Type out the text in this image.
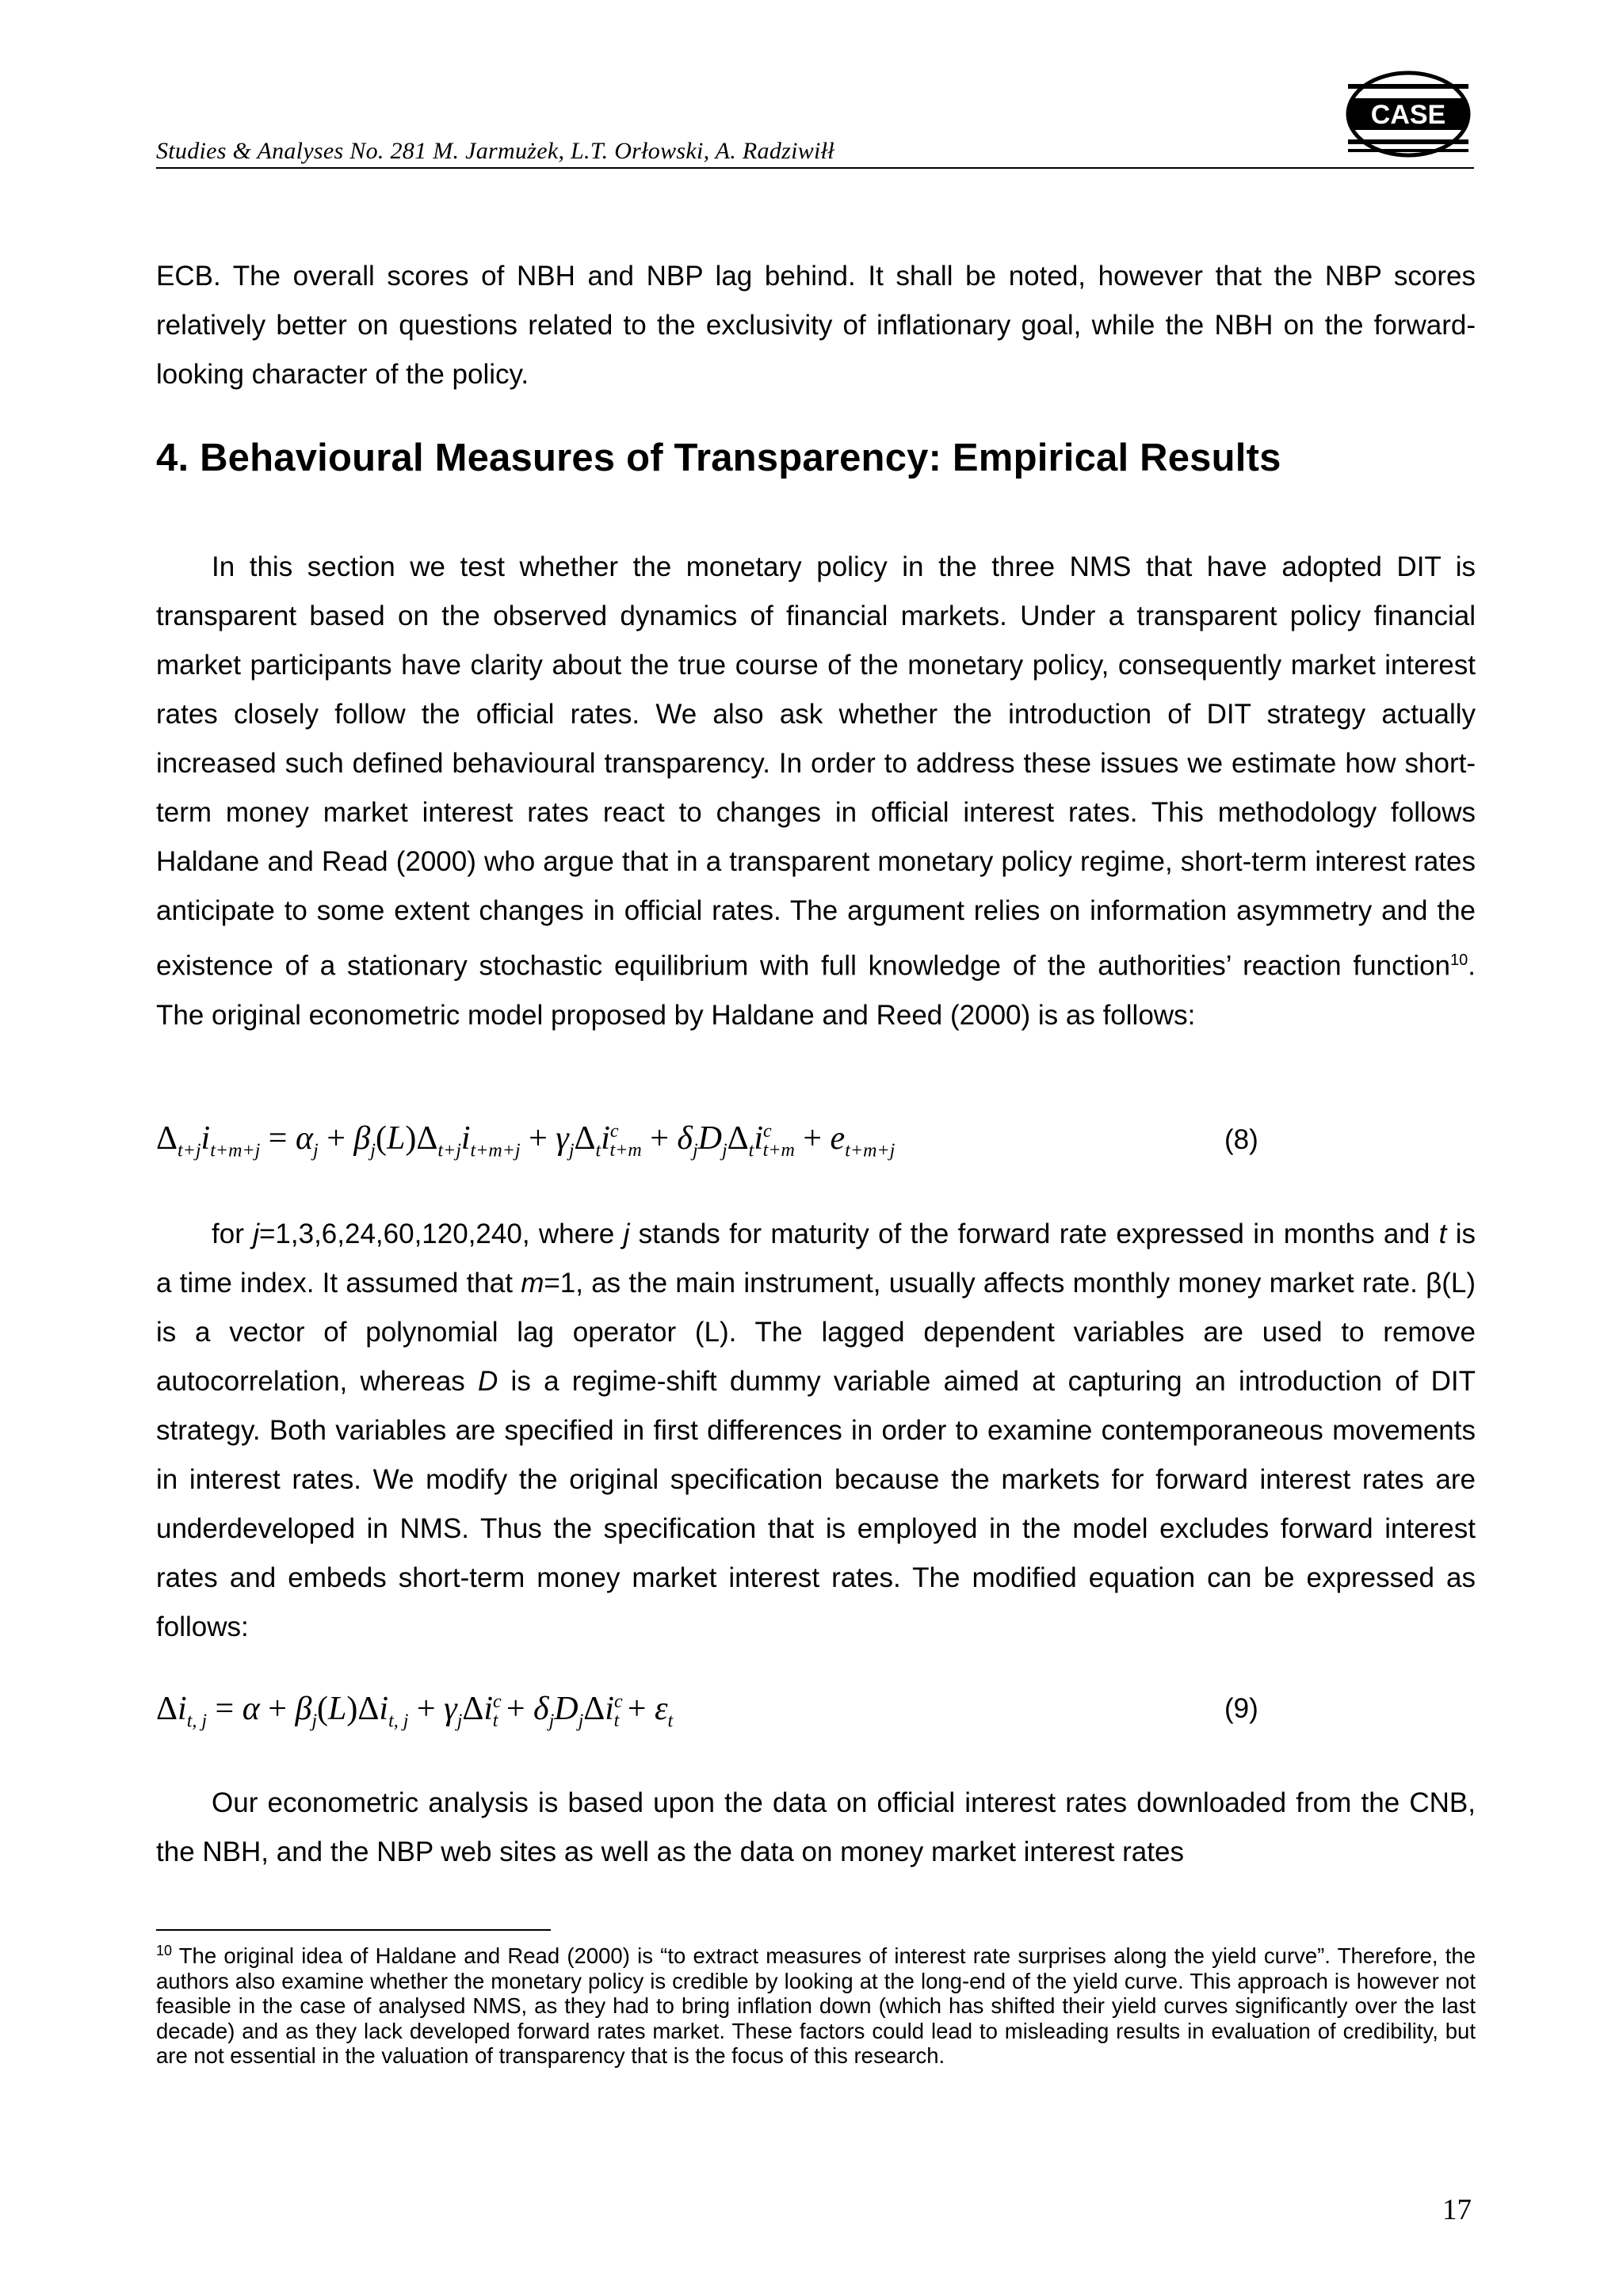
Studies & Analyses No. 281 M. Jarmużek, L.T. Orłowski, A. Radziwiłł
CASE

ECB. The overall scores of NBH and NBP lag behind. It shall be noted, however that the NBP scores relatively better on questions related to the exclusivity of inflationary goal, while the NBH on the forward-looking character of the policy.

4. Behavioural Measures of Transparency: Empirical Results

In this section we test whether the monetary policy in the three NMS that have adopted DIT is transparent based on the observed dynamics of financial markets. Under a transparent policy financial market participants have clarity about the true course of the monetary policy, consequently market interest rates closely follow the official rates. We also ask whether the introduction of DIT strategy actually increased such defined behavioural transparency. In order to address these issues we estimate how short-term money market interest rates react to changes in official interest rates. This methodology follows Haldane and Read (2000) who argue that in a transparent monetary policy regime, short-term interest rates anticipate to some extent changes in official rates. The argument relies on information asymmetry and the existence of a stationary stochastic equilibrium with full knowledge of the authorities’ reaction function$^{10}$. The original econometric model proposed by Haldane and Reed (2000) is as follows:

$\Delta_{t+j}i_{t+m+j} = \alpha_j + \beta_j(L)\Delta_{t+j}i_{t+m+j} + \gamma_j\Delta_ti^c_{t+m} + \delta_jD_j\Delta_ti^c_{t+m} + e_{t+m+j}$	(8)

for j=1,3,6,24,60,120,240, where j stands for maturity of the forward rate expressed in months and t is a time index. It assumed that m=1, as the main instrument, usually affects monthly money market rate. β(L) is a vector of polynomial lag operator (L). The lagged dependent variables are used to remove autocorrelation, whereas D is a regime-shift dummy variable aimed at capturing an introduction of DIT strategy. Both variables are specified in first differences in order to examine contemporaneous movements in interest rates. We modify the original specification because the markets for forward interest rates are underdeveloped in NMS. Thus the specification that is employed in the model excludes forward interest rates and embeds short-term money market interest rates. The modified equation can be expressed as follows:

$\Delta i_{t, j} = \alpha + \beta_j(L)\Delta i_{t, j} + \gamma_j\Delta i^c_t + \delta_jD_j\Delta i^c_t + \varepsilon_t$	(9)

Our econometric analysis is based upon the data on official interest rates downloaded from the CNB, the NBH, and the NBP web sites as well as the data on money market interest rates

$^{10}$ The original idea of Haldane and Read (2000) is “to extract measures of interest rate surprises along the yield curve”. Therefore, the authors also examine whether the monetary policy is credible by looking at the long-end of the yield curve. This approach is however not feasible in the case of analysed NMS, as they had to bring inflation down (which has shifted their yield curves significantly over the last decade) and as they lack developed forward rates market. These factors could lead to misleading results in evaluation of credibility, but are not essential in the valuation of transparency that is the focus of this research.

17
